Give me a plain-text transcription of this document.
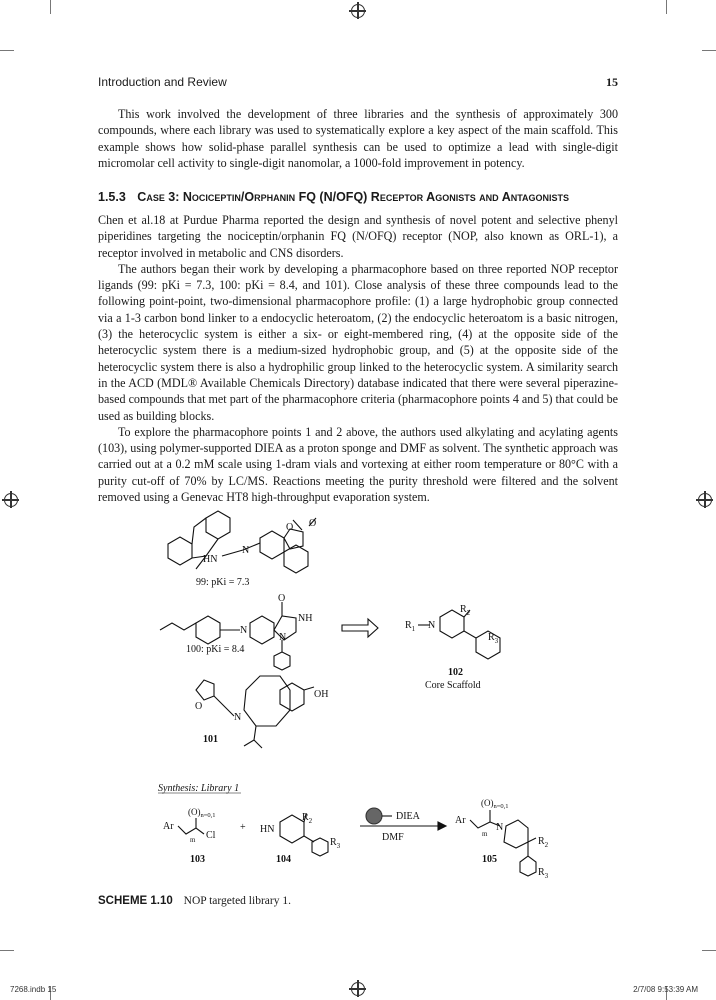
Introduction and Review	15

This work involved the development of three libraries and the synthesis of approximately 300 compounds, where each library was used to systematically explore a key aspect of the main scaffold. This example shows how solid-phase parallel synthesis can be used to optimize a lead with single-digit micromolar cell activity to single-digit nanomolar, a 1000-fold improvement in potency.

1.5.3 Case 3: Nociceptin/Orphanin FQ (N/OFQ) Receptor Agonists and Antagonists

Chen et al.18 at Purdue Pharma reported the design and synthesis of novel potent and selective phenyl piperidines targeting the nociceptin/orphanin FQ (N/OFQ) receptor (NOP, also known as ORL-1), a receptor involved in metabolic and CNS disorders.

The authors began their work by developing a pharmacophore based on three reported NOP receptor ligands (99: pKi = 7.3, 100: pKi = 8.4, and 101). Close analysis of these three compounds lead to the following point-point, two-dimensional pharmacophore profile: (1) a large hydrophobic group connected via a 1-3 carbon bond linker to a endocyclic heteroatom, (2) the endocyclic heteroatom is a basic nitrogen, (3) the heterocyclic system is either a six- or eight-membered ring, (4) at the opposite side of the heterocyclic system there is a medium-sized hydrophobic group, and (5) at the opposite side of the heterocyclic system there is also a hydrophilic group linked to the heterocyclic system. A similarity search in the ACD (MDL® Available Chemicals Directory) database indicated that there were several piperazine-based compounds that met part of the pharmacophore criteria (pharmacophore points 4 and 5) that could be used as building blocks.

To explore the pharmacophore points 1 and 2 above, the authors used alkylating and acylating agents (103), using polymer-supported DIEA as a proton sponge and DMF as solvent. The synthetic approach was carried out at a 0.2 mM scale using 1-dram vials and vortexing at either room temperature or 80°C with a purity cut-off of 70% by LC/MS. Reactions meeting the purity threshold were filtered and the solvent removed using a Genevac HT8 high-throughput evaporation system.

HN
N
O O
99: pKi = 7.3
N
O
NH
N
100: pKi = 8.4
$R_1$ N
$R_2$
$R_3$
102
Core Scaffold
O
N
OH
101
Synthesis: Library 1
Ar
$(O)_{n=0,1}$
Cl
m
+ HN
$R_2$
$R_3$
DIEA
DMF
Ar
$(O)_{n=0,1}$
N
m
$R_2$
$R_3$
103	104	105
SCHEME 1.10 NOP targeted library 1.
7268.indb 15	2/7/08 9:53:39 AM
